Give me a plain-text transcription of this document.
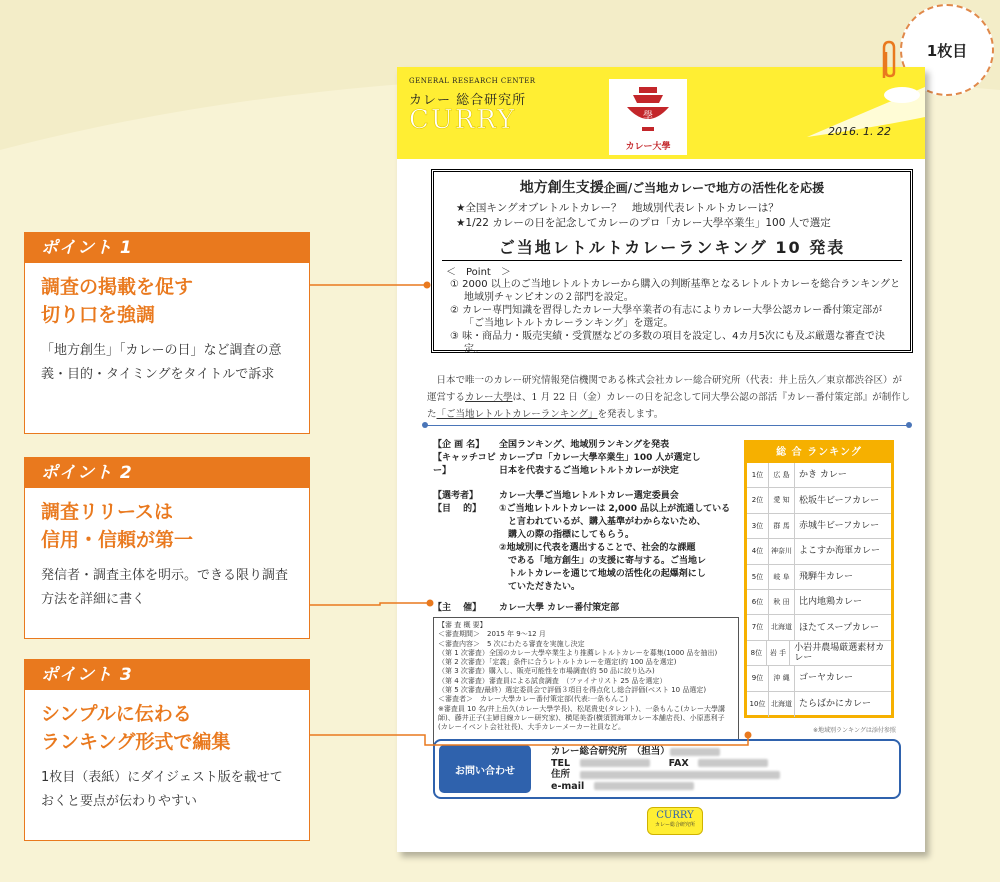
1枚目
ポイント 1
調査の掲載を促す
切り口を強調
「地方創生」「カレーの日」など調査の意義・目的・タイミングをタイトルで訴求
ポイント 2
調査リリースは
信用・信頼が第一
発信者・調査主体を明示。できる限り調査方法を詳細に書く
ポイント 3
シンプルに伝わる
ランキング形式で編集
1枚目（表紙）にダイジェスト版を載せておくと要点が伝わりやすい
GENERAL RESEARCH CENTER
カレー 総合研究所
CURRY	學
カレー大學
2016. 1. 22
地方創生支援企画/ご当地カレーで地方の活性化を応援
★全国キングオブレトルトカレー？　地域別代表レトルトカレーは？
★1/22 カレーの日を記念してカレーのプロ「カレー大學卒業生」100 人で選定
ご当地レトルトカレーランキング 10 発表
＜　Point　＞
① 2000 以上のご当地レトルトカレーから購入の判断基準となるレトルトカレーを総合ランキングと地域別チャンピオンの２部門を設定。
② カレー専門知識を習得したカレー大學卒業者の有志によりカレー大學公認カレー番付策定部が「ご当地レトルトカレーランキング」を選定。
③ 味・商品力・販売実績・受賞歴などの多数の項目を設定し、4カ月5次にも及ぶ厳選な審査で決定。
日本で唯一のカレー研究情報発信機関である株式会社カレー総合研究所（代表：井上岳久／東京都渋谷区）が
運営するカレー大學は、1 月 22 日（金）カレーの日を記念して同大學公認の部活『カレー番付策定部』が制作し
た「ご当地レトルトカレーランキング」を発表します。
【企 画 名】	全国ランキング、地域別ランキングを発表
【キャッチコピー】
カレープロ「カレー大學卒業生」100 人が選定し
日本を代表するご当地レトルトカレーが決定
【選考者】	カレー大學ご当地レトルトカレー選定委員会
【目　 的】	①ご当地レトルトカレーは 2,000 品以上が流通している
　と言われているが、購入基準がわからないため、
　購入の際の指標にしてもらう。
②地域別に代表を選出することで、社会的な課題
　である「地方創生」の支援に寄与する。ご当地レ
　トルトカレーを通じて地域の活性化の起爆剤にし
　ていただきたい。
【主　 催】	カレー大學 カレー番付策定部
【審 査 概 要】
＜審査期間＞　2015 年 9～12 月
＜審査内容＞　5 次にわたる審査を実施し決定
（第 1 次審査）全国のカレー大學卒業生より推薦レトルトカレーを募集(1000 品を抽出)
（第 2 次審査）「定義」条件に合うレトルトカレーを選定(約 100 品を選定)
（第 3 次審査）購入し、販売可能性を市場調査(約 50 品に絞り込み)
（第 4 次審査）審査員による試食調査　（ファイナリスト 25 品を選定）
（第 5 次審査/最終）選定委員会で評価３項目を得点化し総合評価(ベスト 10 品選定)
＜審査者＞　カレー大學カレー番付策定部(代表:一条もんこ)
※審査員 10 名/井上岳久(カレー大學学長)、松尾貴史(タレント)、一条もんこ(カレー大學講師)、藤井正子(主婦目線カレー研究家)、横尾美香(横須賀海軍カレー本舗店長)、小原恵利子(カレーイベント会社社長)、大手カレーメーカー社員など。
総 合 ランキング
1位	広 島	かき カレー
2位	愛 知	松坂牛ビーフカレー
3位	群 馬	赤城牛ビーフカレー
4位	神奈川 よこすか海軍カレー
5位	岐 阜	飛騨牛カレー
6位	秋 田	比内地鶏カレー
7位	北海道 ほたてスープカレー
8位	岩 手 小岩井農場厳選素材カレー
9位	沖 縄	ゴーヤカレー
10位 北海道 たらばかにカレー
※地域別ランキングは添付参照
お問い合わせ
カレー総合研究所　（担当）
TEL　　　	FAX　
住所　
e-mail　
CURRY
カレー総合研究所
